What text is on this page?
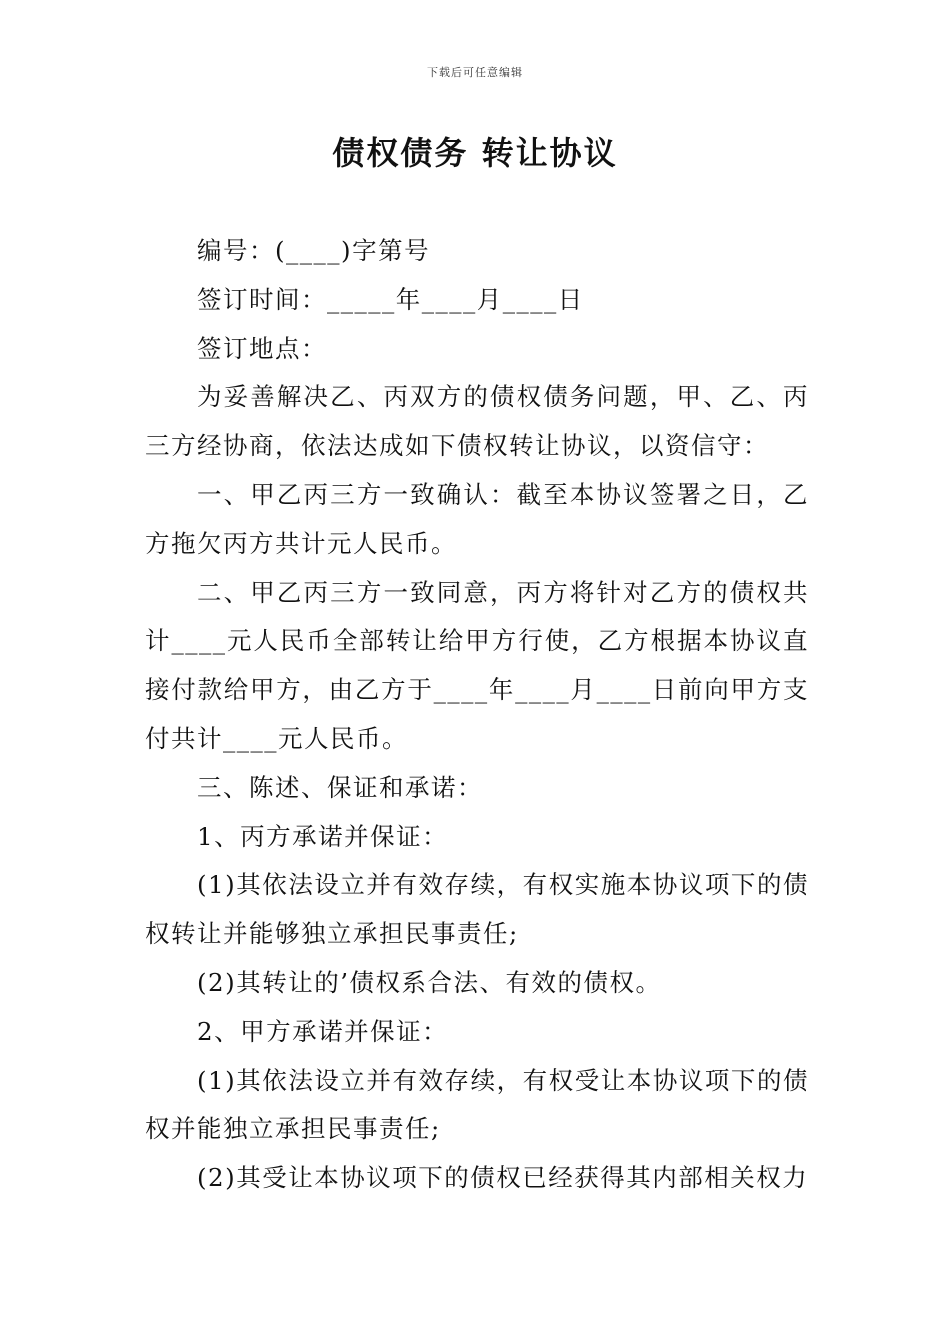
下载后可任意编辑
债权债务 转让协议

编号：(____)字第号

签订时间：_____年____月____日

签订地点：

为妥善解决乙、丙双方的债权债务问题，甲、乙、丙三方经协商，依法达成如下债权转让协议，以资信守：

一、甲乙丙三方一致确认：截至本协议签署之日，乙方拖欠丙方共计元人民币。

二、甲乙丙三方一致同意，丙方将针对乙方的债权共计____元人民币全部转让给甲方行使，乙方根据本协议直接付款给甲方，由乙方于____年____月____日前向甲方支付共计____元人民币。

三、陈述、保证和承诺：

1、丙方承诺并保证：

(1)其依法设立并有效存续，有权实施本协议项下的债权转让并能够独立承担民事责任;

(2)其转让的’债权系合法、有效的债权。

2、甲方承诺并保证：

(1)其依法设立并有效存续，有权受让本协议项下的债权并能独立承担民事责任;

(2)其受让本协议项下的债权已经获得其内部相关权力
